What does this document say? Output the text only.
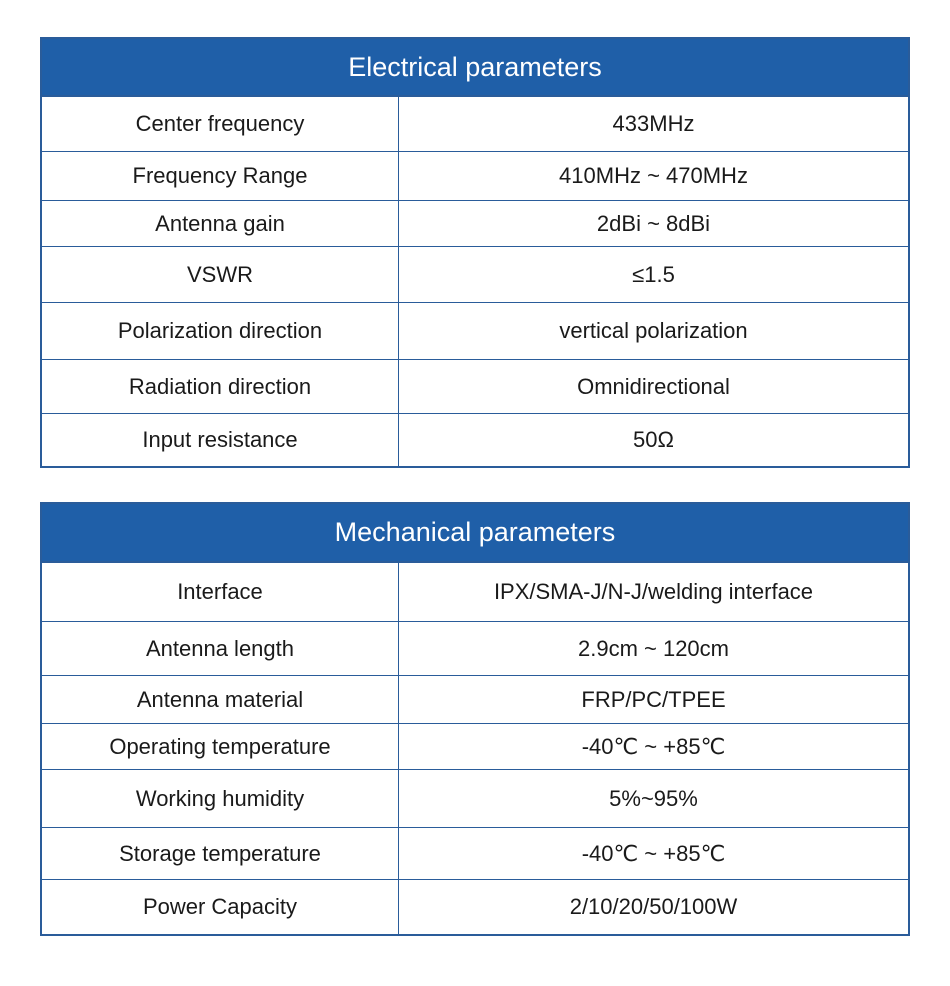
Electrical parameters
Center frequency	433MHz
Frequency Range	410MHz ~ 470MHz
Antenna gain	2dBi ~ 8dBi
VSWR	≤1.5
Polarization direction	vertical polarization
Radiation direction	Omnidirectional
Input resistance	50Ω
Mechanical parameters
Interface	IPX/SMA-J/N-J/welding interface
Antenna length	2.9cm ~ 120cm
Antenna material	FRP/PC/TPEE
Operating temperature	-40℃ ~ +85℃
Working humidity	5%~95%
Storage temperature	-40℃ ~ +85℃
Power Capacity	2/10/20/50/100W
